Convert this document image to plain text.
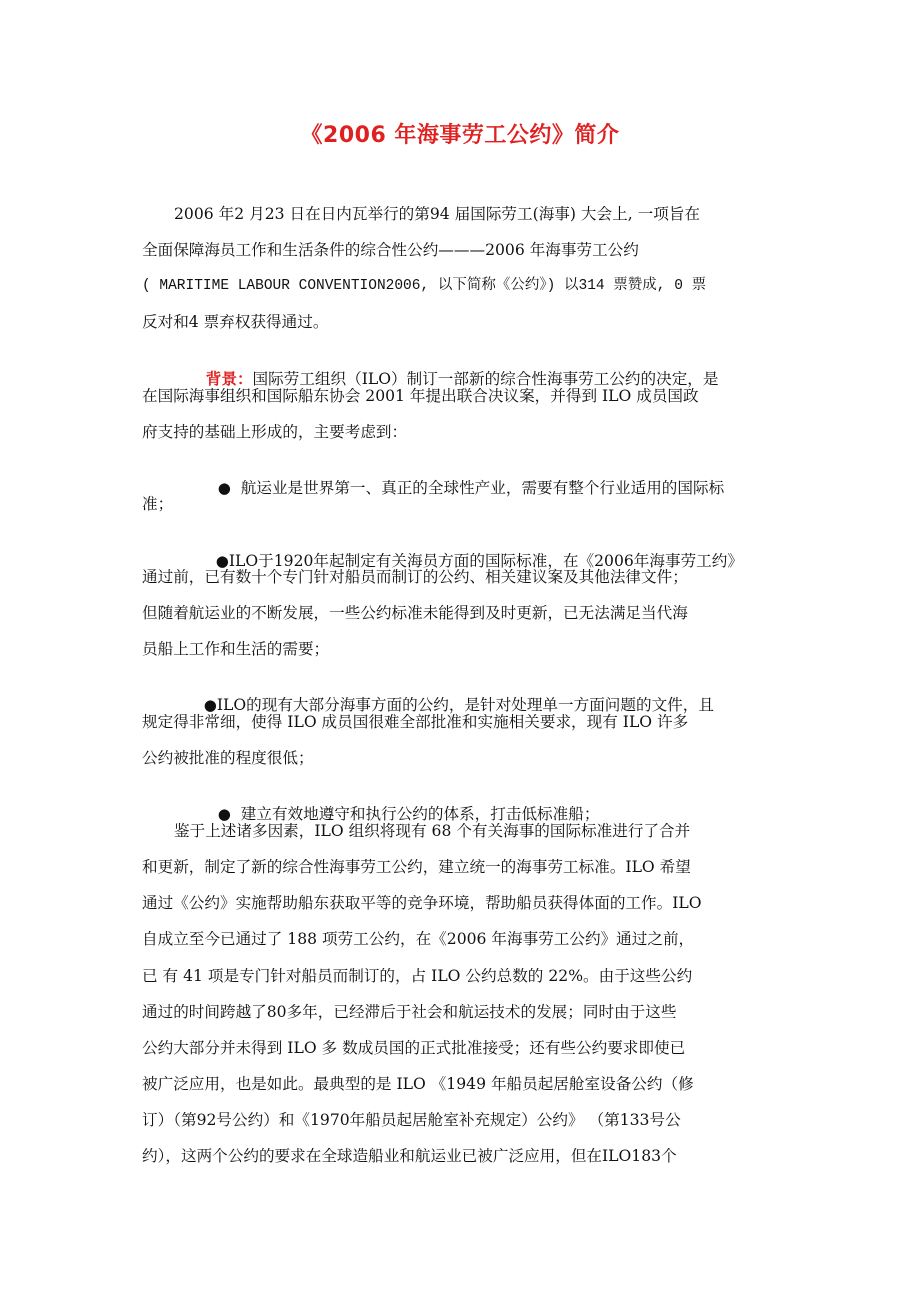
《2006 年海事劳工公约》简介
2006 年2 月23 日在日内瓦举行的第94 届国际劳工(海事) 大会上, 一项旨在
全面保障海员工作和生活条件的综合性公约———2006 年海事劳工公约
( MARITIME LABOUR CONVENTION2006, 以下简称《公约》) 以314 票赞成, 0 票
反对和4 票弃权获得通过。

背景：国际劳工组织（ILO）制订一部新的综合性海事劳工公约的决定，是

在国际海事组织和国际船东协会 2001 年提出联合决议案，并得到 ILO 成员国政
府支持的基础上形成的，主要考虑到：

● 航运业是世界第一、真正的全球性产业，需要有整个行业适用的国际标

准；

●ILO于1920年起制定有关海员方面的国际标准，在《2006年海事劳工约》

通过前，已有数十个专门针对船员而制订的公约、相关建议案及其他法律文件；
但随着航运业的不断发展，一些公约标准未能得到及时更新，已无法满足当代海
员船上工作和生活的需要；

●ILO的现有大部分海事方面的公约，是针对处理单一方面问题的文件，且

规定得非常细，使得 ILO 成员国很难全部批准和实施相关要求，现有 ILO 许多
公约被批准的程度很低；

● 建立有效地遵守和执行公约的体系，打击低标准船；

鉴于上述诸多因素，ILO 组织将现有 68 个有关海事的国际标准进行了合并
和更新，制定了新的综合性海事劳工公约，建立统一的海事劳工标准。ILO 希望
通过《公约》实施帮助船东获取平等的竞争环境，帮助船员获得体面的工作。ILO
自成立至今已通过了 188 项劳工公约，在《2006 年海事劳工公约》通过之前，
已 有 41 项是专门针对船员而制订的，占 ILO 公约总数的 22%。由于这些公约
通过的时间跨越了80多年，已经滞后于社会和航运技术的发展；同时由于这些
公约大部分并未得到 ILO 多 数成员国的正式批准接受；还有些公约要求即使已
被广泛应用，也是如此。最典型的是 ILO 《1949 年船员起居舱室设备公约（修
订）（第92号公约）和《1970年船员起居舱室补充规定）公约》 （第133号公
约），这两个公约的要求在全球造船业和航运业已被广泛应用，但在ILO183个
